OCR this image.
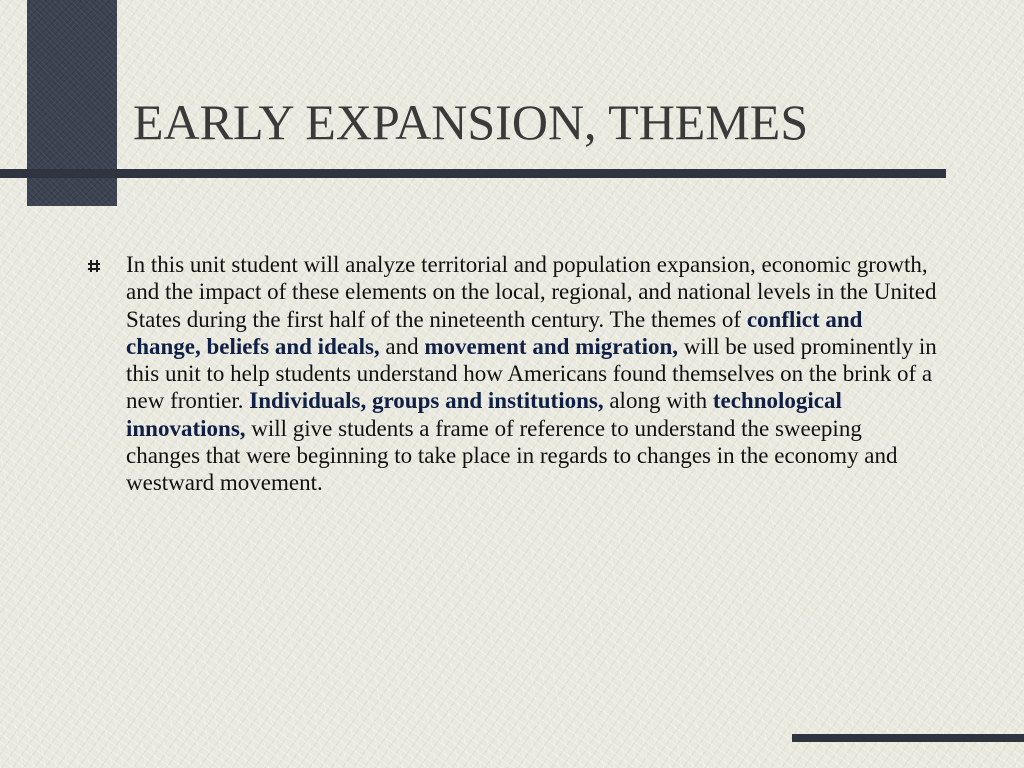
EARLY EXPANSION, THEMES

In this unit student will analyze territorial and population expansion, economic growth, and the impact of these elements on the local, regional, and national levels in the United States during the first half of the nineteenth century. The themes of conflict and change, beliefs and ideals, and movement and migration, will be used prominently in this unit to help students understand how Americans found themselves on the brink of a new frontier. Individuals, groups and institutions, along with technological innovations, will give students a frame of reference to understand the sweeping changes that were beginning to take place in regards to changes in the economy and westward movement.
